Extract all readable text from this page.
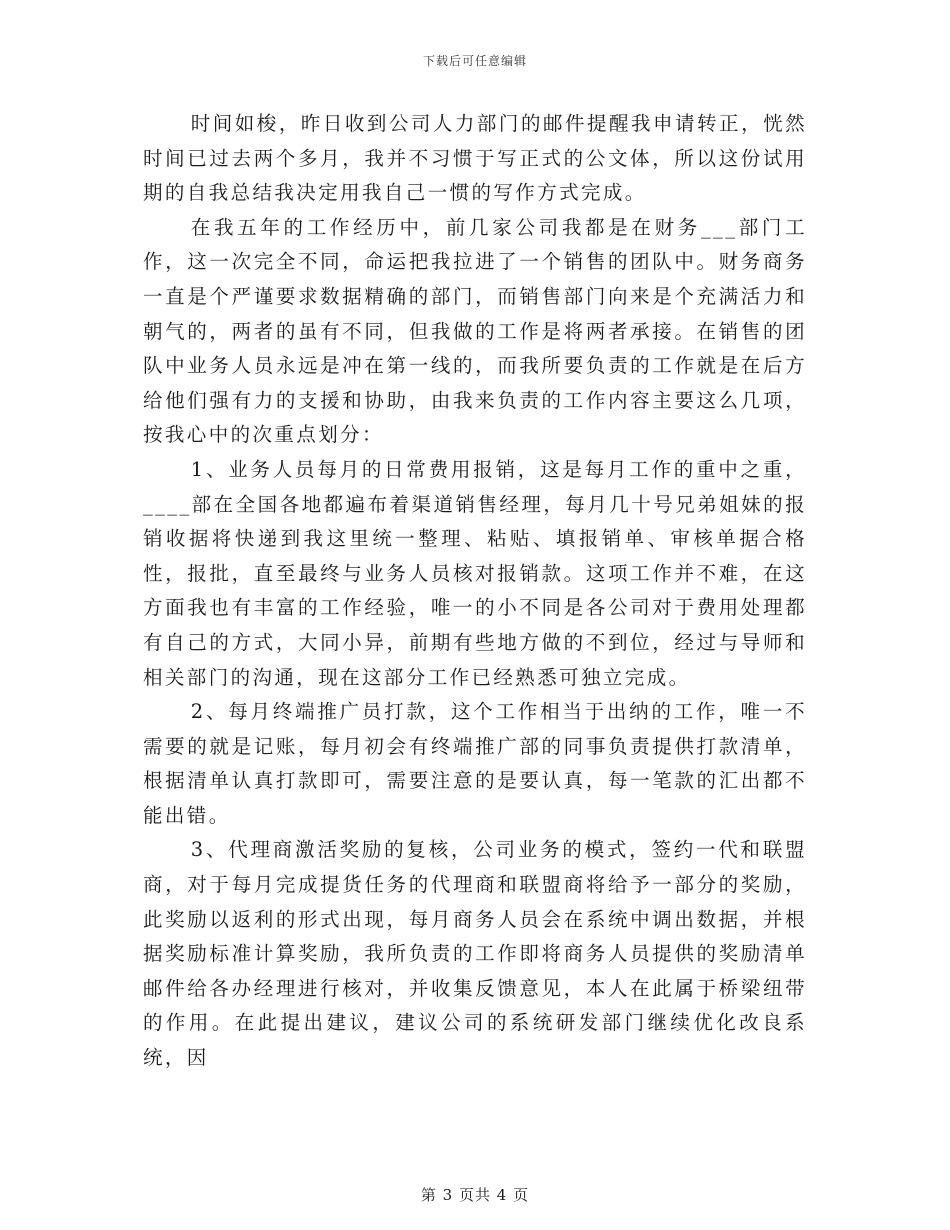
下载后可任意编辑

时间如梭，昨日收到公司人力部门的邮件提醒我申请转正，恍然时间已过去两个多月，我并不习惯于写正式的公文体，所以这份试用期的自我总结我决定用我自己一惯的写作方式完成。

在我五年的工作经历中，前几家公司我都是在财务___部门工作，这一次完全不同，命运把我拉进了一个销售的团队中。财务商务一直是个严谨要求数据精确的部门，而销售部门向来是个充满活力和朝气的，两者的虽有不同，但我做的工作是将两者承接。在销售的团队中业务人员永远是冲在第一线的，而我所要负责的工作就是在后方给他们强有力的支援和协助，由我来负责的工作内容主要这么几项，按我心中的次重点划分：

1、业务人员每月的日常费用报销，这是每月工作的重中之重，____部在全国各地都遍布着渠道销售经理，每月几十号兄弟姐妹的报销收据将快递到我这里统一整理、粘贴、填报销单、审核单据合格性，报批，直至最终与业务人员核对报销款。这项工作并不难，在这方面我也有丰富的工作经验，唯一的小不同是各公司对于费用处理都有自己的方式，大同小异，前期有些地方做的不到位，经过与导师和相关部门的沟通，现在这部分工作已经熟悉可独立完成。

2、每月终端推广员打款，这个工作相当于出纳的工作，唯一不需要的就是记账，每月初会有终端推广部的同事负责提供打款清单，根据清单认真打款即可，需要注意的是要认真，每一笔款的汇出都不能出错。

3、代理商激活奖励的复核，公司业务的模式，签约一代和联盟商，对于每月完成提货任务的代理商和联盟商将给予一部分的奖励，此奖励以返利的形式出现，每月商务人员会在系统中调出数据，并根据奖励标准计算奖励，我所负责的工作即将商务人员提供的奖励清单邮件给各办经理进行核对，并收集反馈意见，本人在此属于桥梁纽带的作用。在此提出建议，建议公司的系统研发部门继续优化改良系统，因

第 3 页共 4 页
